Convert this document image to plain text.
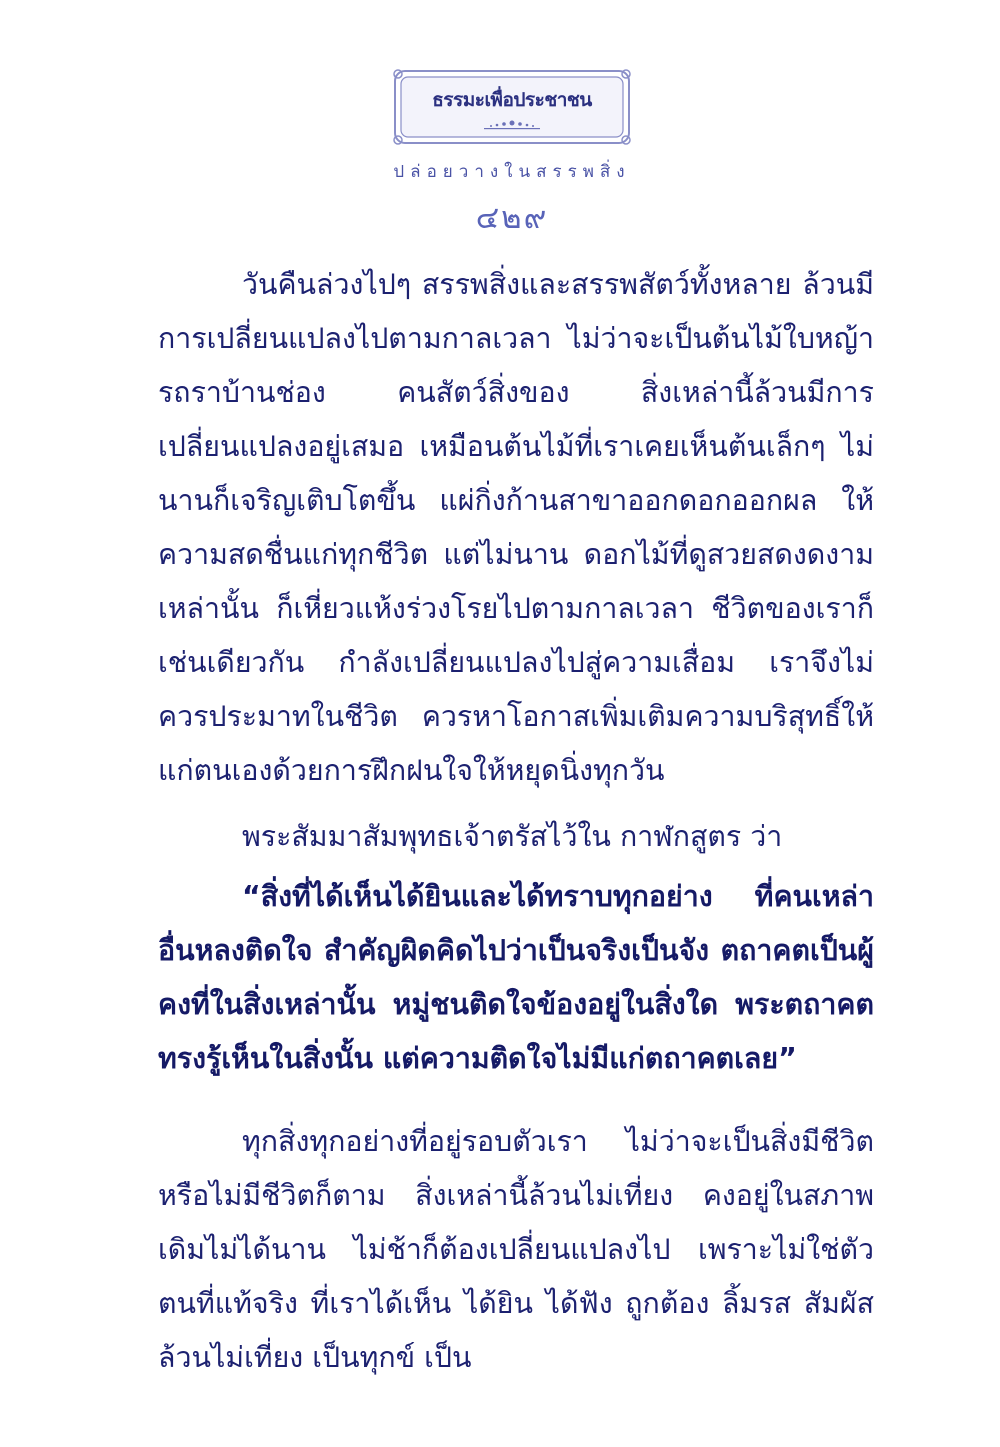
ธรรมะเพื่อประชาชน
ปล่อยวางในสรรพสิ่ง
๔๒๙

วันคืนล่วงไปๆ สรรพสิ่งและสรรพสัตว์ทั้งหลาย ล้วนมีการเปลี่ยนแปลงไปตามกาลเวลา ไม่ว่าจะเป็นต้นไม้ใบหญ้า รถราบ้านช่อง คนสัตว์สิ่งของ สิ่งเหล่านี้ล้วนมีการเปลี่ยนแปลงอยู่เสมอ เหมือนต้นไม้ที่เราเคยเห็นต้นเล็กๆ ไม่นานก็เจริญเติบโตขึ้น แผ่กิ่งก้านสาขาออกดอกออกผล ให้ความสดชื่นแก่ทุกชีวิต แต่ไม่นาน ดอกไม้ที่ดูสวยสดงดงามเหล่านั้น ก็เหี่ยวแห้งร่วงโรยไปตามกาลเวลา ชีวิตของเราก็เช่นเดียวกัน กำลังเปลี่ยนแปลงไปสู่ความเสื่อม เราจึงไม่ควรประมาทในชีวิต ควรหาโอกาสเพิ่มเติมความบริสุทธิ์ให้แก่ตนเองด้วยการฝึกฝนใจให้หยุดนิ่งทุกวัน

พระสัมมาสัมพุทธเจ้าตรัสไว้ใน กาฬกสูตร ว่า

“สิ่งที่ได้เห็นได้ยินและได้ทราบทุกอย่าง ที่คนเหล่าอื่นหลงติดใจ สำคัญผิดคิดไปว่าเป็นจริงเป็นจัง ตถาคตเป็นผู้คงที่ในสิ่งเหล่านั้น หมู่ชนติดใจข้องอยู่ในสิ่งใด พระตถาคตทรงรู้เห็นในสิ่งนั้น แต่ความติดใจไม่มีแก่ตถาคตเลย”

ทุกสิ่งทุกอย่างที่อยู่รอบตัวเรา ไม่ว่าจะเป็นสิ่งมีชีวิตหรือไม่มีชีวิตก็ตาม สิ่งเหล่านี้ล้วนไม่เที่ยง คงอยู่ในสภาพเดิมไม่ได้นาน ไม่ช้าก็ต้องเปลี่ยนแปลงไป เพราะไม่ใช่ตัวตนที่แท้จริง ที่เราได้เห็น ได้ยิน ได้ฟัง ถูกต้อง ลิ้มรส สัมผัส ล้วนไม่เที่ยง เป็นทุกข์ เป็น
